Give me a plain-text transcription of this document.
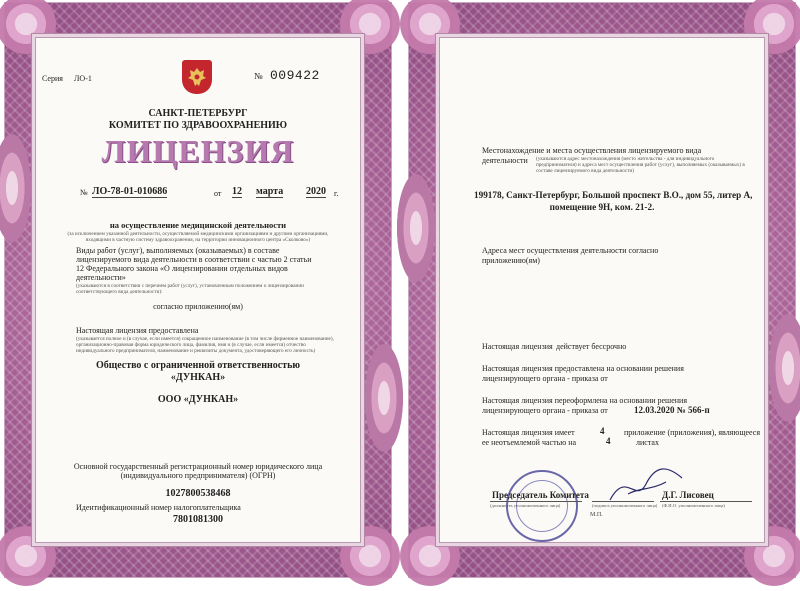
Серия ЛО-1	№ 009422
САНКТ-ПЕТЕРБУРГ
КОМИТЕТ ПО ЗДРАВООХРАНЕНИЮ
ЛИЦЕНЗИЯ
№ ЛО-78-01-010686	от 12 марта 2020 г.
на осуществление медицинской деятельности
(за исключением указанной деятельности, осуществляемой медицинскими организациями и другими организациями, входящими в частную систему здравоохранения, на территории инновационного центра «Сколково»)
Виды работ (услуг), выполняемых (оказываемых) в составе
лицензируемого вида деятельности в соответствии с частью 2 статьи
12 Федерального закона «О лицензировании отдельных видов
деятельности»
(указываются в соответствии с перечнем работ (услуг), установленным положением о лицензировании соответствующего вида деятельности):
согласно приложению(ям)
Настоящая лицензия предоставлена
(указывается полное и (в случае, если имеется) сокращенное наименование (в том числе фирменное наименование), организационно-правовая форма юридического лица, фамилия, имя и (в случае, если имеется) отчество индивидуального предпринимателя, наименование и реквизиты документа, удостоверяющего его личность)
Общество с ограниченной ответственностью
«ДУНКАН»
ООО «ДУНКАН»
Основной государственный регистрационный номер юридического лица
(индивидуального предпринимателя) (ОГРН)
1027800538468
Идентификационный номер налогоплательщика
7801081300
Местонахождение и места осуществления лицензируемого вида
деятельности (указываются адрес местонахождения (место жительства - для индивидуального предпринимателя) и адреса мест осуществления работ (услуг), выполняемых (оказываемых) в составе лицензируемого вида деятельности)
199178, Санкт-Петербург, Большой проспект В.О., дом 55, литер А,
помещение 9Н, ком. 21-2.
Адреса мест осуществления деятельности согласно
приложению(ям)
Настоящая лицензия действует бессрочно
Настоящая лицензия предоставлена на основании решения
лицензирующего органа - приказа от
Настоящая лицензия переоформлена на основании решения
лицензирующего органа - приказа от	12.03.2020 № 566-п
Настоящая лицензия имеет	4 приложение (приложения), являющееся
ее неотъемлемой частью на	4	листах
Председатель Комитета	Д.Г. Лисовец
(должность уполномоченного лица)	(подпись уполномоченного лица) (Ф.И.О. уполномоченного лица)
М.П.
